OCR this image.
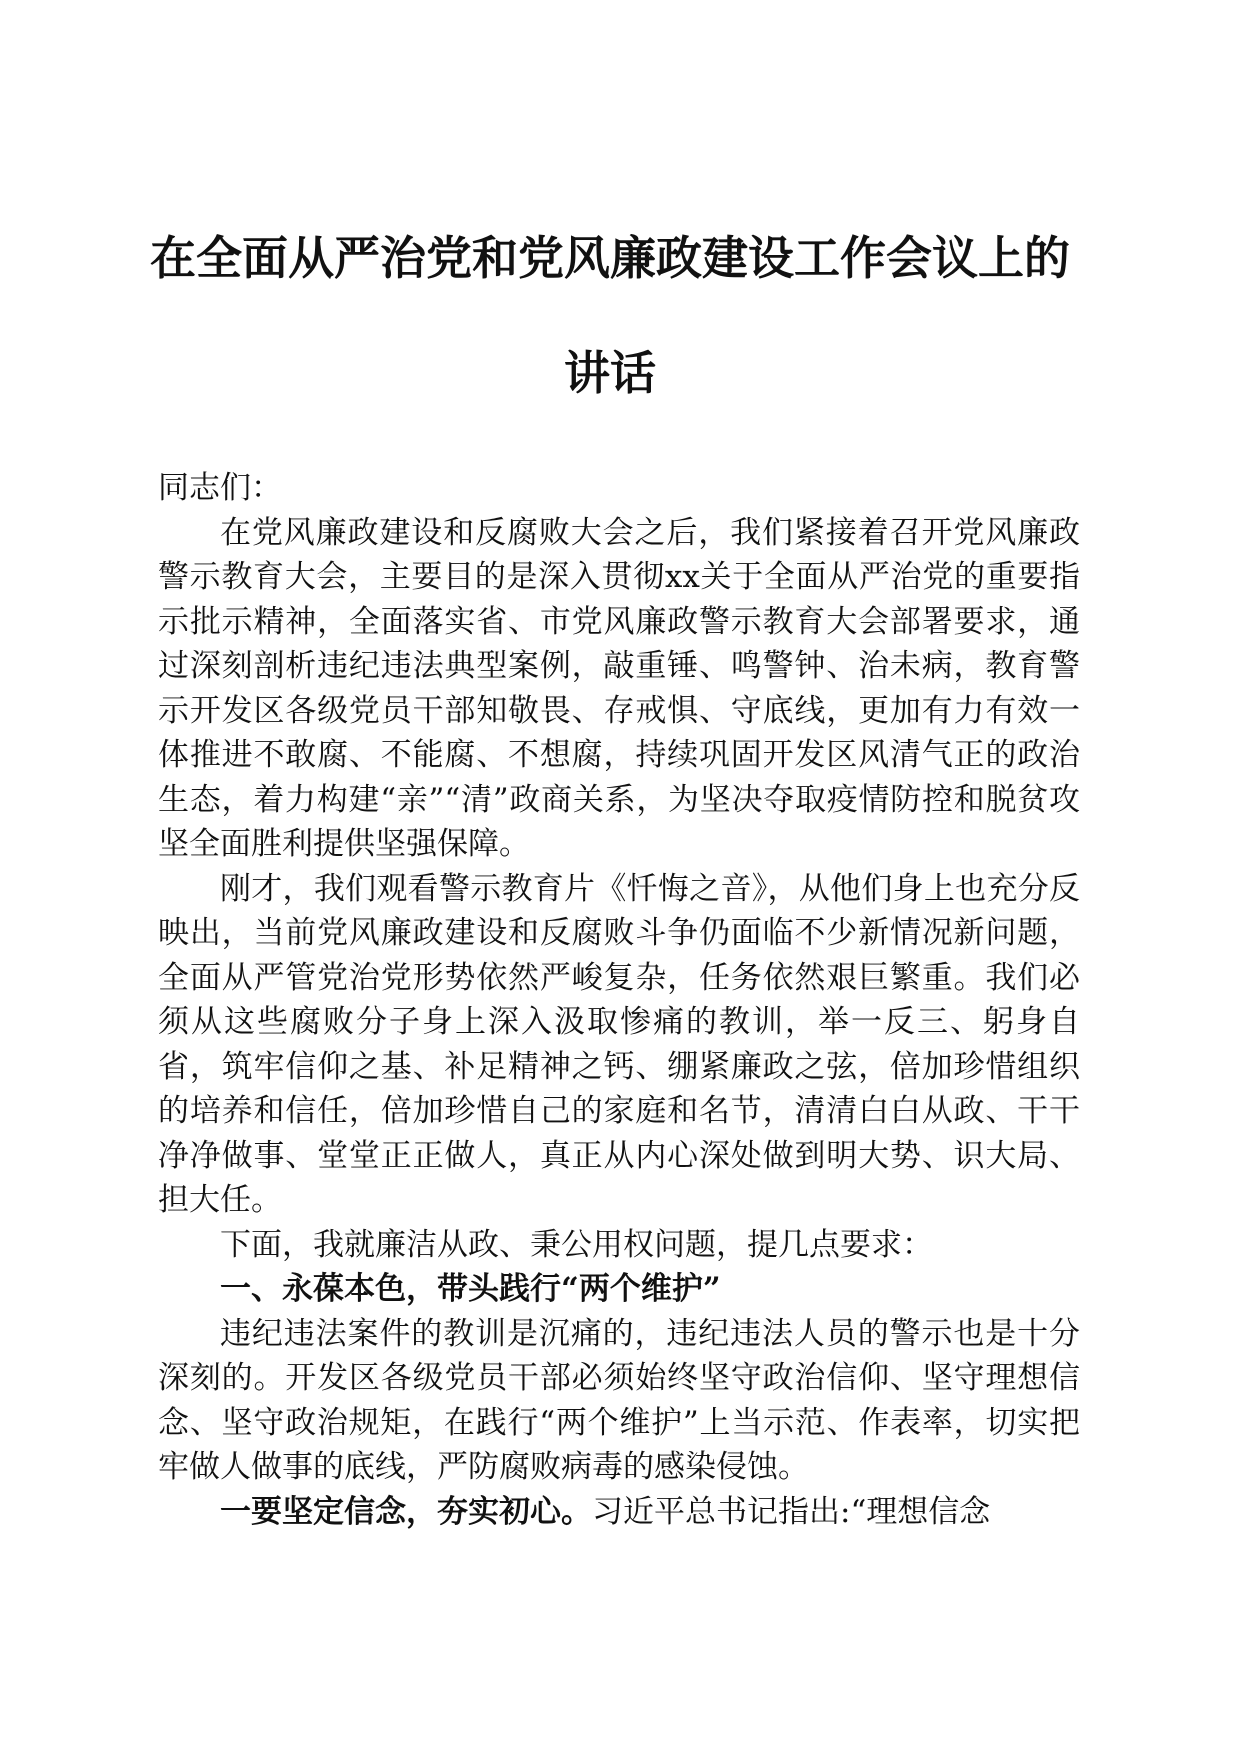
在全面从严治党和党风廉政建设工作会议上的
讲话

同志们：

在党风廉政建设和反腐败大会之后，我们紧接着召开党风廉政警示教育大会，主要目的是深入贯彻xx关于全面从严治党的重要指示批示精神，全面落实省、市党风廉政警示教育大会部署要求，通过深刻剖析违纪违法典型案例，敲重锤、鸣警钟、治未病，教育警示开发区各级党员干部知敬畏、存戒惧、守底线，更加有力有效一体推进不敢腐、不能腐、不想腐，持续巩固开发区风清气正的政治生态，着力构建“亲”“清”政商关系，为坚决夺取疫情防控和脱贫攻坚全面胜利提供坚强保障。

刚才，我们观看警示教育片《忏悔之音》，从他们身上也充分反映出，当前党风廉政建设和反腐败斗争仍面临不少新情况新问题，全面从严管党治党形势依然严峻复杂，任务依然艰巨繁重。我们必须从这些腐败分子身上深入汲取惨痛的教训，举一反三、躬身自省，筑牢信仰之基、补足精神之钙、绷紧廉政之弦，倍加珍惜组织的培养和信任，倍加珍惜自己的家庭和名节，清清白白从政、干干净净做事、堂堂正正做人，真正从内心深处做到明大势、识大局、担大任。

下面，我就廉洁从政、秉公用权问题，提几点要求：

一、永葆本色，带头践行“两个维护”

违纪违法案件的教训是沉痛的，违纪违法人员的警示也是十分深刻的。开发区各级党员干部必须始终坚守政治信仰、坚守理想信念、坚守政治规矩，在践行“两个维护”上当示范、作表率，切实把牢做人做事的底线，严防腐败病毒的感染侵蚀。

一要坚定信念，夯实初心。习近平总书记指出:“理想信念
